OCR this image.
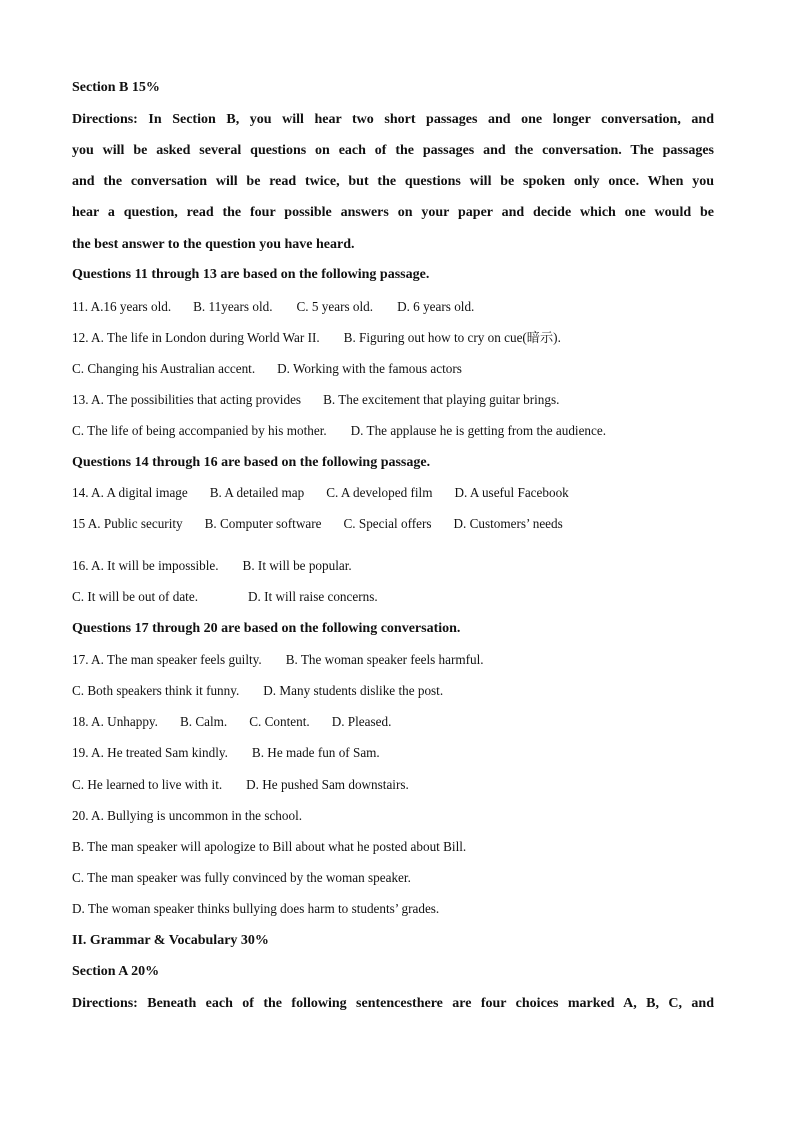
Section B 15%
Directions: In Section B, you will hear two short passages and one longer conversation, and
you will be asked several questions on each of the passages and the conversation. The passages
and the conversation will be read twice, but the questions will be spoken only once. When you
hear a question, read the four possible answers on your paper and decide which one would be
the best answer to the question you have heard.
Questions 11 through 13 are based on the following passage.
11. A.16 years old. B. 11years old. C. 5 years old. D. 6 years old.
12. A. The life in London during World War II. B. Figuring out how to cry on cue(暗示).
C. Changing his Australian accent. D. Working with the famous actors
13. A. The possibilities that acting provides B. The excitement that playing guitar brings.
C. The life of being accompanied by his mother. D. The applause he is getting from the audience.
Questions 14 through 16 are based on the following passage.
14. A. A digital image B. A detailed map C. A developed film D. A useful Facebook
15 A. Public security B. Computer software C. Special offers D. Customers’ needs
16. A. It will be impossible. B. It will be popular.
C. It will be out of date.	D. It will raise concerns.
Questions 17 through 20 are based on the following conversation.
17. A. The man speaker feels guilty. B. The woman speaker feels harmful.
C. Both speakers think it funny. D. Many students dislike the post.
18. A. Unhappy. B. Calm. C. Content. D. Pleased.
19. A. He treated Sam kindly. B. He made fun of Sam.
C. He learned to live with it. D. He pushed Sam downstairs.
20. A. Bullying is uncommon in the school.
B. The man speaker will apologize to Bill about what he posted about Bill.
C. The man speaker was fully convinced by the woman speaker.
D. The woman speaker thinks bullying does harm to students’ grades.
II. Grammar & Vocabulary 30%
Section A 20%
Directions: Beneath each of the following sentencesthere are four choices marked A, B, C, and
